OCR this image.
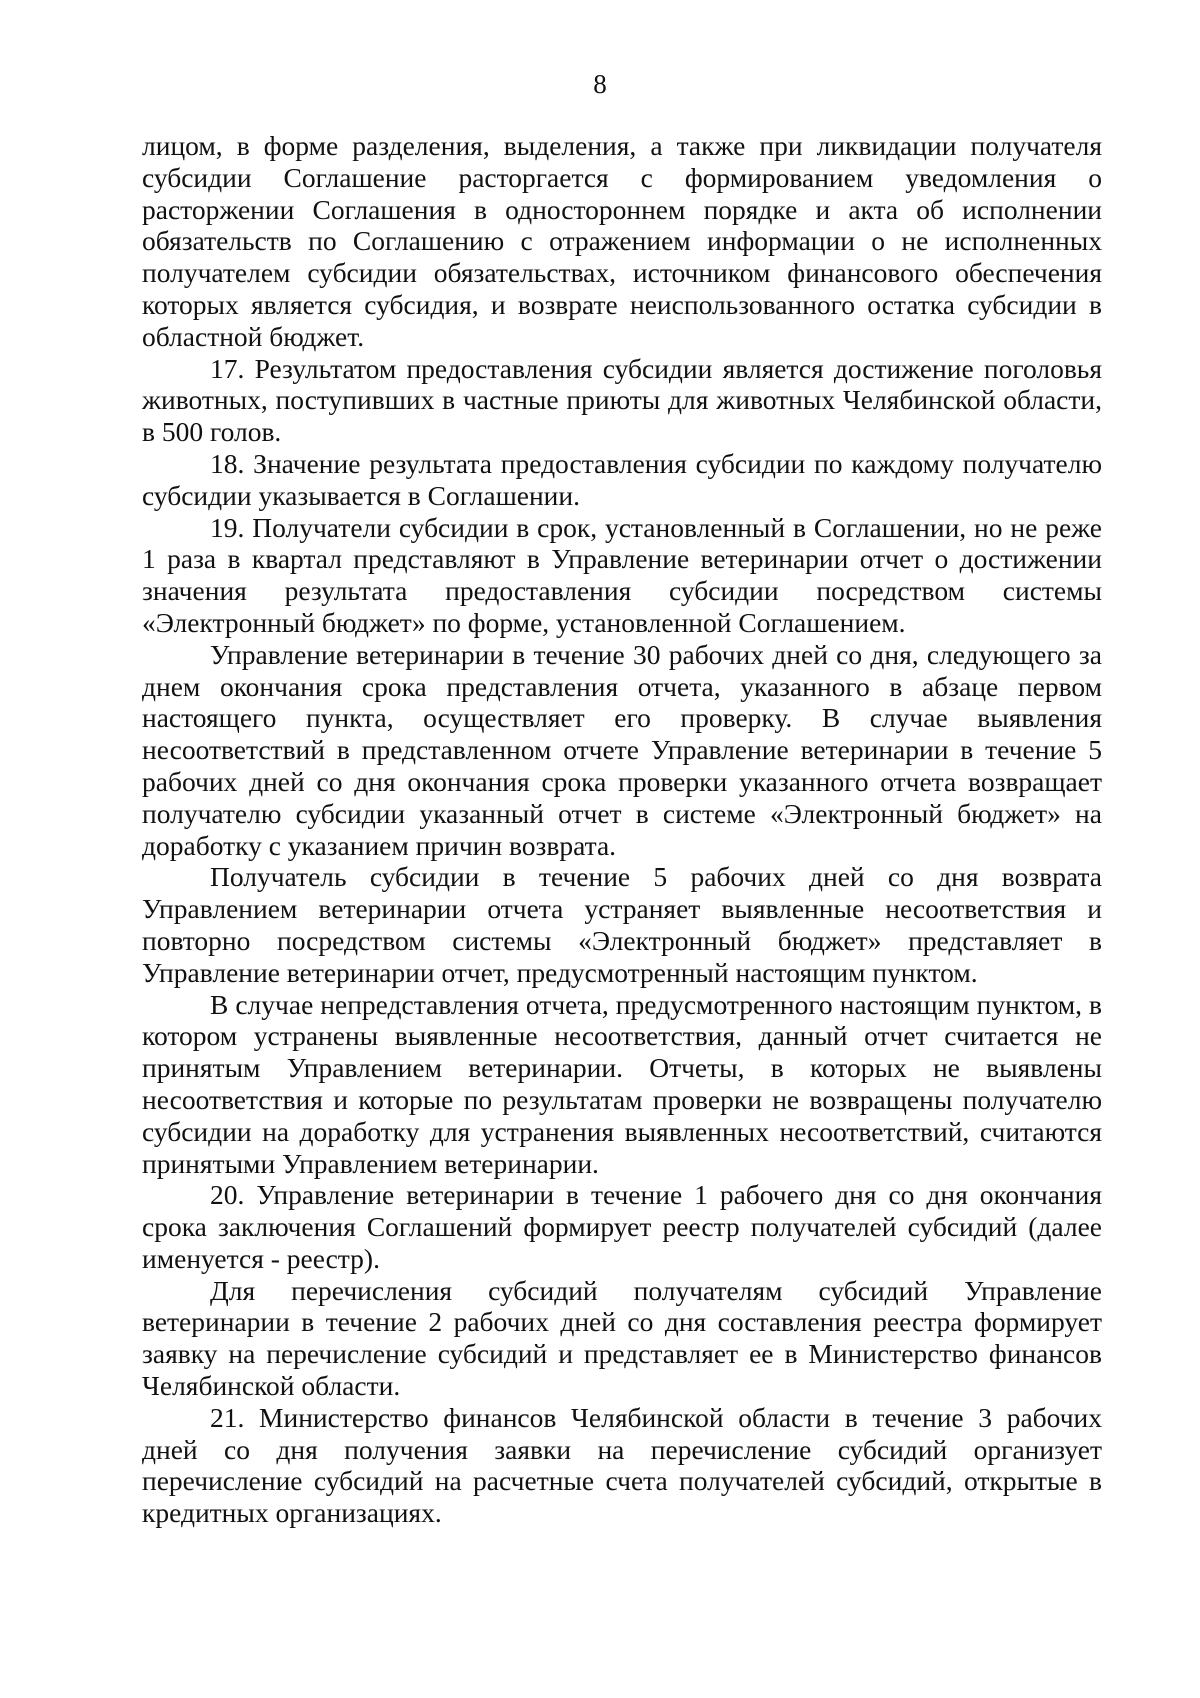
8

лицом, в форме разделения, выделения, а также при ликвидации получателя субсидии Соглашение расторгается с формированием уведомления о расторжении Соглашения в одностороннем порядке и акта об исполнении обязательств по Соглашению с отражением информации о не исполненных получателем субсидии обязательствах, источником финансового обеспечения которых является субсидия, и возврате неиспользованного остатка субсидии в областной бюджет.

17. Результатом предоставления субсидии является достижение поголовья животных, поступивших в частные приюты для животных Челябинской области, в 500 голов.

18. Значение результата предоставления субсидии по каждому получателю субсидии указывается в Соглашении.

19. Получатели субсидии в срок, установленный в Соглашении, но не реже 1 раза в квартал представляют в Управление ветеринарии отчет о достижении значения результата предоставления субсидии посредством системы «Электронный бюджет» по форме, установленной Соглашением.

Управление ветеринарии в течение 30 рабочих дней со дня, следующего за днем окончания срока представления отчета, указанного в абзаце первом настоящего пункта, осуществляет его проверку. В случае выявления несоответствий в представленном отчете Управление ветеринарии в течение 5 рабочих дней со дня окончания срока проверки указанного отчета возвращает получателю субсидии указанный отчет в системе «Электронный бюджет» на доработку с указанием причин возврата.

Получатель субсидии в течение 5 рабочих дней со дня возврата Управлением ветеринарии отчета устраняет выявленные несоответствия и повторно посредством системы «Электронный бюджет» представляет в Управление ветеринарии отчет, предусмотренный настоящим пунктом.

В случае непредставления отчета, предусмотренного настоящим пунктом, в котором устранены выявленные несоответствия, данный отчет считается не принятым Управлением ветеринарии. Отчеты, в которых не выявлены несоответствия и которые по результатам проверки не возвращены получателю субсидии на доработку для устранения выявленных несоответствий, считаются принятыми Управлением ветеринарии.

20. Управление ветеринарии в течение 1 рабочего дня со дня окончания срока заключения Соглашений формирует реестр получателей субсидий (далее именуется - реестр).

Для перечисления субсидий получателям субсидий Управление ветеринарии в течение 2 рабочих дней со дня составления реестра формирует заявку на перечисление субсидий и представляет ее в Министерство финансов Челябинской области.

21. Министерство финансов Челябинской области в течение 3 рабочих дней со дня получения заявки на перечисление субсидий организует перечисление субсидий на расчетные счета получателей субсидий, открытые в кредитных организациях.
